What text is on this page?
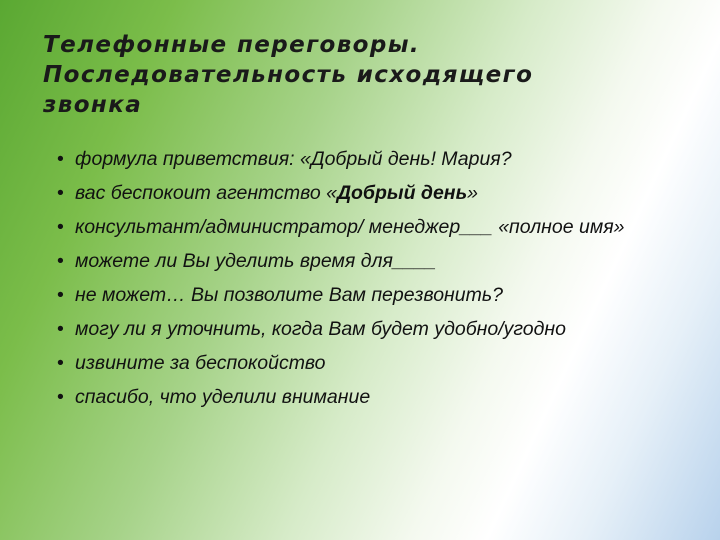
Телефонные переговоры.
Последовательность исходящего
звонка
• формула приветствия: «Добрый день! Мария?
• вас беспокоит агентство «Добрый день»
• консультант/администратор/ менеджер___ «полное имя»
• можете ли Вы уделить время для____
• не может… Вы позволите Вам перезвонить?
• могу ли я уточнить, когда Вам будет удобно/угодно
• извините за беспокойство
• спасибо, что уделили внимание
